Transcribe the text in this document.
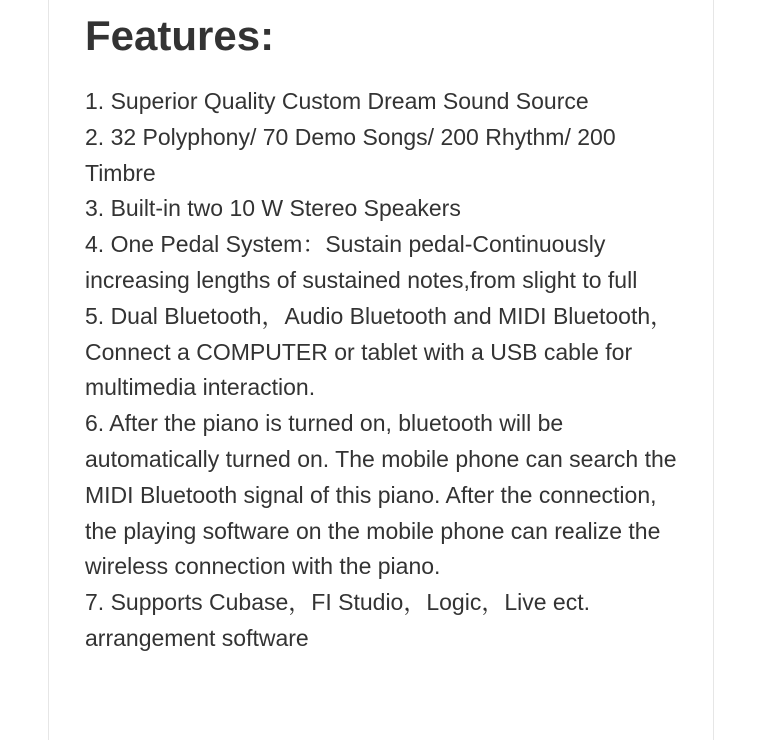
Features:
1. Superior Quality Custom Dream Sound Source
2. 32 Polyphony/ 70 Demo Songs/ 200 Rhythm/ 200 Timbre
3. Built-in two 10 W Stereo Speakers
4. One Pedal System：Sustain pedal-Continuously increasing lengths of sustained notes,from slight to full
5. Dual Bluetooth，Audio Bluetooth and MIDI Bluetooth，Connect a COMPUTER or tablet with a USB cable for multimedia interaction.
6. After the piano is turned on, bluetooth will be automatically turned on. The mobile phone can search the MIDI Bluetooth signal of this piano. After the connection, the playing software on the mobile phone can realize the wireless connection with the piano.
7. Supports Cubase，FI Studio，Logic，Live ect. arrangement software
